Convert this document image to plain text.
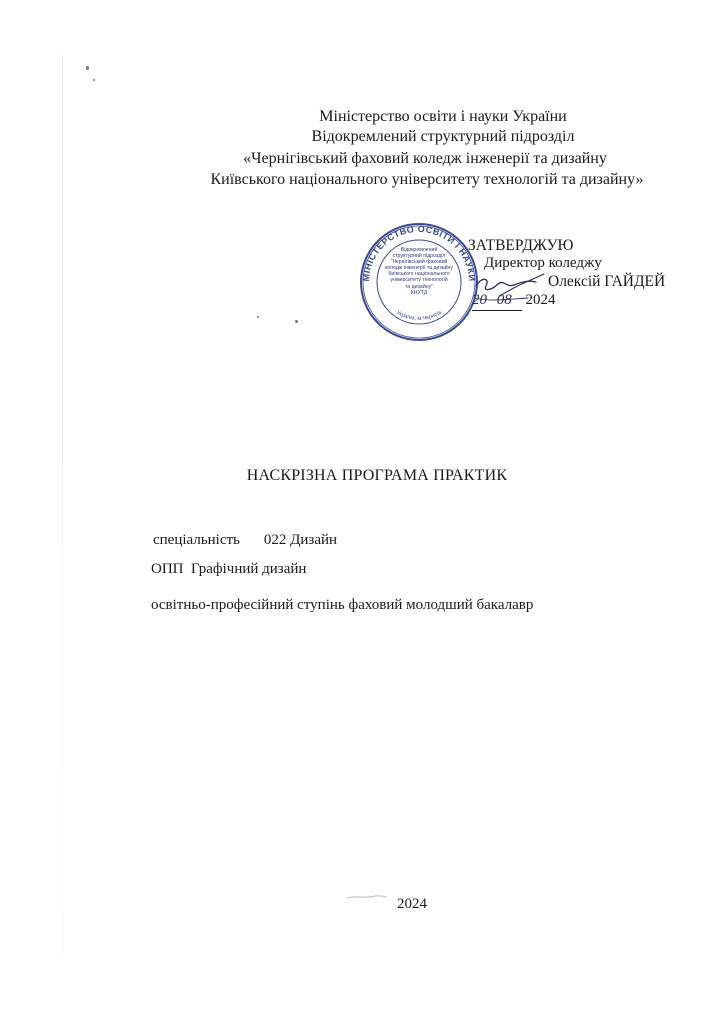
Міністерство освіти і науки України
Відокремлений структурний підрозділ
«Чернігівський фаховий коледж інженерії та дизайну
Київського національного університету технологій та дизайну»
МІНІСТЕРСТВО ОСВІТИ І НАУКИ
Україна, м.Чернігів
Відокремлений
структурний підрозділ
"Чернігівський фаховий
коледж інженерії та дизайну
Київського національного
університету технологій
та дизайну"
КНУТД
ЗАТВЕРДЖУЮ
Директор коледжу
Олексій ГАЙДЕЙ
20 08 2024
НАСКРІЗНА ПРОГРАМА ПРАКТИК
спеціальність 022 Дизайн
ОПП  Графічний дизайн
освітньо-професійний ступінь фаховий молодший бакалавр
2024
